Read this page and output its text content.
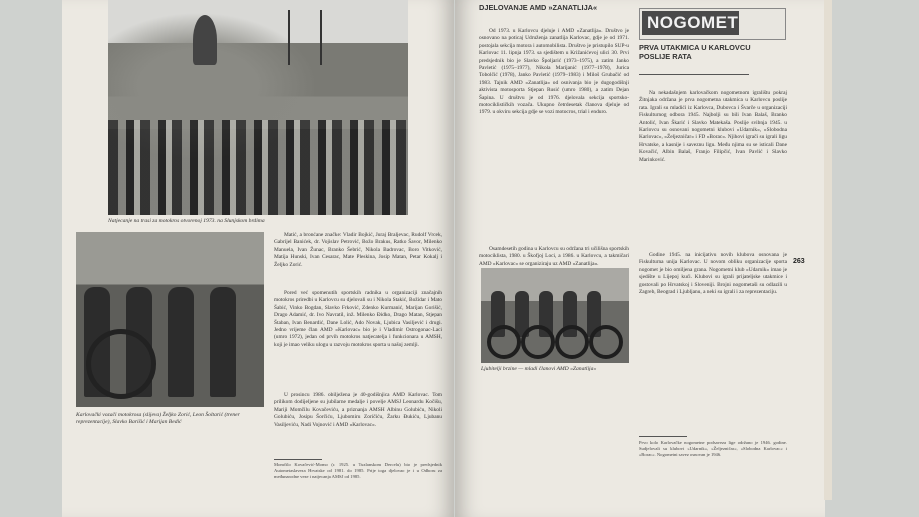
Natjecanje na trasi za motokros otvorenoj 1973. na Slunjskom brdima
Karlovački vozači motokrosa (slijeva) Željko Zorić, Leon Šoltarić (trener reprezentacije), Slavko Barišić i Marijan Bedić
Matić, a bronćane značke: Vladir Bojkić, Juraj Braljevac, Rudolf Vrcek, Gabrijel Banićek, dr. Vojislav Petrović, Božo Brakus, Ratko Šavor, Milenko Manuela, Ivan Žunac, Branko Šebrić, Nikola Badrovac, Boro Vitković, Matija Hunski, Ivan Cesarac, Mate Pleskina, Josip Matan, Petar Kokalj i Željko Zorić.
Pored već spomenutih sportskih radnika u organizaciji značajnih motokros priredbi u Karlovcu su djelovali su i Nikola Stakić, Božidar i Mato Šabić, Vinko Bogdan, Slavko Frković, Zdenko Kurmanić, Marijan Gorišić, Drago Adamić, dr. Ivo Navratil, inž. Milenko Đidko, Drago Matan, Stjepan Štaban, Ivan Benardić, Dane Lolić, Ado Novak, Ljubica Vasiljević i drugi. Jedno vrijeme član AMD »Karlovac« bio je i Vladimir Ostrogonac-Laci (umro 1972), jedan od prvih motokros natjecatelja i funkcionara u AMSH, koji je imao veliku ulogu u razvoju motokros sporta u našoj zemlji.
U prosincu 1986. obilježena je 40-godišnjica AMD Karlovac. Tom prilikom dodijeljene su jubilarne medalje i povelje AMSJ Leonardu Kočišu, Mariji Momčilu Kovačeviću, a priznanja AMSH Albinu Golubiću, Nikoli Golubiću, Josipu Šorčiću, Ljubomiru Zoričiću, Žarku Đukiću, Ljubanu Vasiljeviću, Nadi Vojnović i AMD »Karlovac«.
Momčilo Kovačević-Momo (r. 1925. u Tuzlanskom Dercelu) bio je predsjednik Autometaslaveza Hrvatske od 1981. do 1985. Prije toga djelovao je i u Odboru za međunarodne veze i natjecanja AMSJ od 1985.
DJELOVANJE AMD »ZANATLIJA«
Od 1973. u Karlovcu djeluje i AMD »Zanatlija«. Društvo je osnovano na poticaj Udruženja zanatlija Karlovac, gdje je od 1971. postojala sekcija motora i automobilista. Društvo je pristupilo SUP-u Karlovac 11. lipnja 1973. sa sjedištem u Križanićevoj ulici 30. Prvi predsjednik bio je Slavko Špoljarić (1973–1975), a zatim Janko Pavletić (1975–1977), Nikola Marijanić (1977–1978), Jurica Tobolčić (1978), Janko Pavletić (1979–1983) i Miloš Grubačić od 1983. Tajnik AMD »Zanatlija« od osnivanja bio je dugogodišnji aktivista motosporta Stjepan Rusić (umro 1980), a zatim Dejan Šapina. U društvu je od 1976. djelovala sekcija sportsko-motociklističkih vozača. Ukupno četrdesetak članova djeluje od 1979. u okviru sekcija gdje se vozi motocros, trial i enduro.
Osamdesetih godina u Karlovcu su održana tri učilišna sportskih motociklista, 1980. u Škofjoj Loci, a 1986. u Karlovcu, a takmičari AMD »Karlovac« se organiziraju uz AMD »Zanatlija«.
Ljubitelji brzine — mladi članovi AMD »Zanatlija«
NOGOMET
PRVA UTAKMICA U KARLOVCU POSLIJE RATA
Na nekadašnjem karlovačkom nogometnom igralištu pokraj Žitnjaka održana je prva nogometna utakmica u Karlovcu poslije rata. Igrali su mladići iz Karlovca, Dubovca i Švarče u organizaciji Fiskulturnog odbora 1945. Najbolji su bili Ivan Balaš, Branko Antolić, Ivan Škarić i Slavko Matekaša. Poslije svibnja 1945. u Karlovcu su osnovani nogometni klubovi »Udarnik«, »Slobodna Karlovac«, »Željezničar« i FD »Borac«. Njihovi igrači su igrali ligu Hrvatske, a kasnije i saveznu ligu. Među njima su se isticali Dane Kovačić, Albin Balaš, Franjo Filipčić, Ivan Pavlić i Slavko Marinković.
Godine 1945. na inicijativu novih klubova osnovana je Fiskulturna unija Karlovac. U novom obliku organizacije sporta nogomet je bio omiljena grana. Nogometni klub »Udarnik« imao je sjedište u Lijepoj kući. Klubovi su igrali prijateljske utakmice i gostovali po Hrvatskoj i Sloveniji. Brojni nogometaši su odlazili u Zagreb, Beograd i Ljubljanu, a neki su igrali i za reprezentaciju.
Prvo kolo Karlovačke nogometne podsaveza lige održano je 1946. godine. Sudjelovali su klubovi »Udarnik«, »Željezničar«, »Slobodna Karlovac« i »Borac«. Nogometni savez osnovan je 1946.
263
